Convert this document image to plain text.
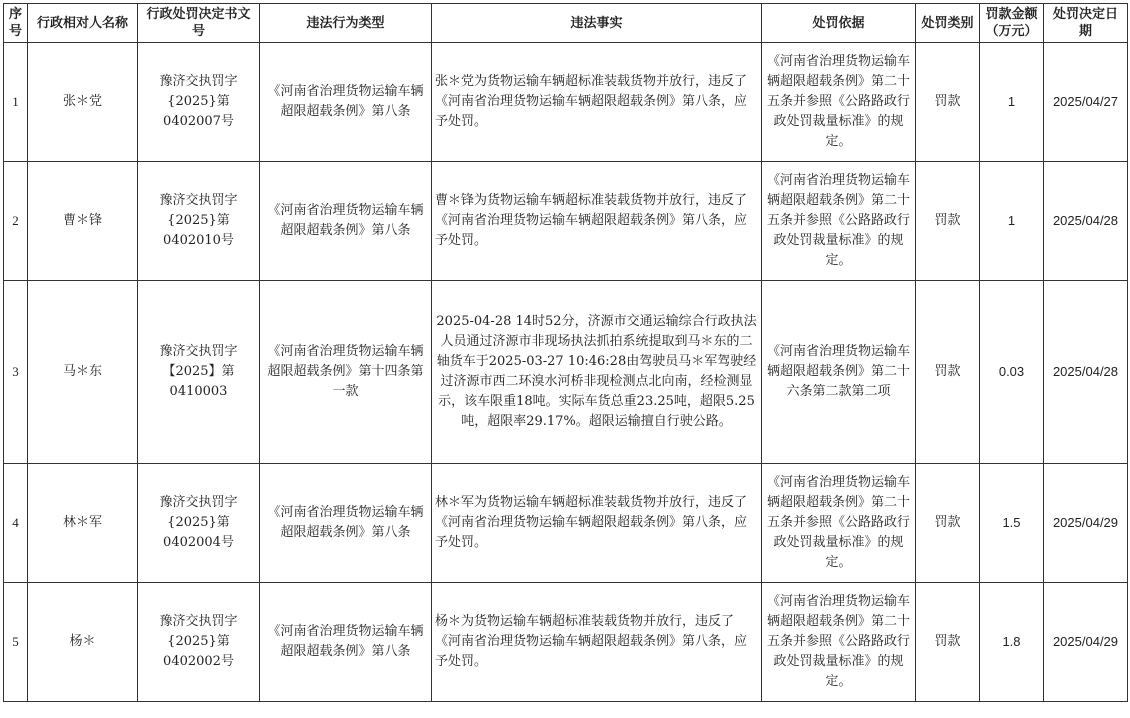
序号	行政相对人名称	行政处罚决定书文号	违法行为类型	违法事实	处罚依据	处罚类别	罚款金额（万元）	处罚决定日期
1	张＊党	豫济交执罚字{2025}第0402007号	《河南省治理货物运输车辆超限超载条例》第八条	张＊党为货物运输车辆超标准装载货物并放行，违反了《河南省治理货物运输车辆超限超载条例》第八条，应予处罚。	《河南省治理货物运输车辆超限超载条例》第二十五条并参照《公路路政行政处罚裁量标准》的规定。	罚款	1	2025/04/27
2	曹＊锋	豫济交执罚字{2025}第0402010号	《河南省治理货物运输车辆超限超载条例》第八条	曹＊锋为货物运输车辆超标准装载货物并放行，违反了《河南省治理货物运输车辆超限超载条例》第八条，应予处罚。	《河南省治理货物运输车辆超限超载条例》第二十五条并参照《公路路政行政处罚裁量标准》的规定。	罚款	1	2025/04/28
3	马＊东	豫济交执罚字【2025】第0410003	《河南省治理货物运输车辆超限超载条例》第十四条第一款	2025-04-28 14时52分，济源市交通运输综合行政执法人员通过济源市非现场执法抓拍系统提取到马＊东的二轴货车于2025-03-27 10:46:28由驾驶员马＊军驾驶经过济源市西二环溴水河桥非现检测点北向南，经检测显示，该车限重18吨。实际车货总重23.25吨，超限5.25吨，超限率29.17%。超限运输擅自行驶公路。	《河南省治理货物运输车辆超限超载条例》第二十六条第二款第二项	罚款	0.03	2025/04/28
4	林＊军	豫济交执罚字{2025}第0402004号	《河南省治理货物运输车辆超限超载条例》第八条	林＊军为货物运输车辆超标准装载货物并放行，违反了《河南省治理货物运输车辆超限超载条例》第八条，应予处罚。	《河南省治理货物运输车辆超限超载条例》第二十五条并参照《公路路政行政处罚裁量标准》的规定。	罚款	1.5	2025/04/29
5	杨＊	豫济交执罚字{2025}第0402002号	《河南省治理货物运输车辆超限超载条例》第八条	杨＊为货物运输车辆超标准装载货物并放行，违反了《河南省治理货物运输车辆超限超载条例》第八条，应予处罚。	《河南省治理货物运输车辆超限超载条例》第二十五条并参照《公路路政行政处罚裁量标准》的规定。	罚款	1.8	2025/04/29
